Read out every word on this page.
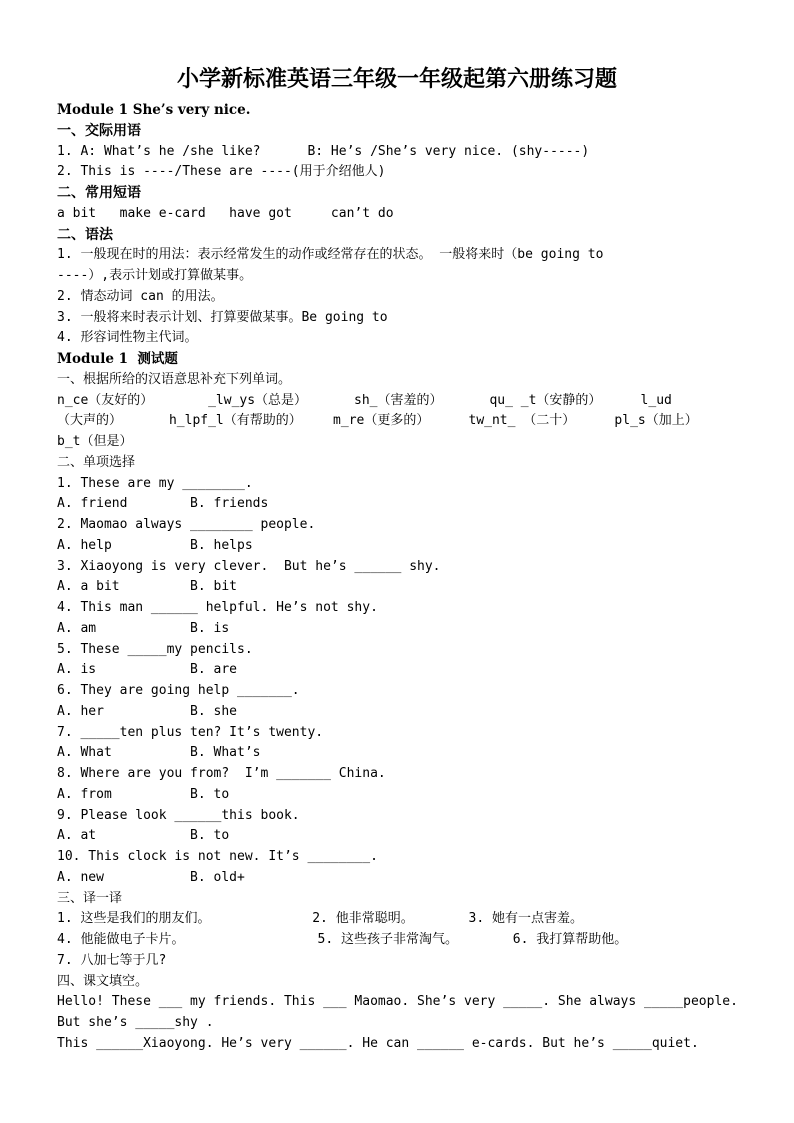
小学新标准英语三年级一年级起第六册练习题
Module 1 She’s very nice.
一、交际用语
1. A: What’s he /she like?      B: He’s /She’s very nice. (shy-----)
2. This is ----/These are ----(用于介绍他人)
二、常用短语
a bit   make e-card   have got     can’t do
二、语法
1. 一般现在时的用法：表示经常发生的动作或经常存在的状态。 一般将来时（be going to
----）,表示计划或打算做某事。
2. 情态动词 can 的用法。
3. 一般将来时表示计划、打算要做某事。Be going to
4. 形容词性物主代词。
Module 1  测试题
一、根据所给的汉语意思补充下列单词。
n_ce（友好的）       _lw_ys（总是）      sh_（害羞的）      qu_ _t（安静的）     l_ud
（大声的）      h_lpf_l（有帮助的）    m_re（更多的）     tw_nt_ （二十）     pl_s（加上）
b_t（但是）
二、单项选择
1. These are my ________.
A. friend        B. friends
2. Maomao always ________ people.
A. help          B. helps
3. Xiaoyong is very clever.  But he’s ______ shy.
A. a bit         B. bit
4. This man ______ helpful. He’s not shy.
A. am            B. is
5. These _____my pencils.
A. is            B. are
6. They are going help _______.
A. her           B. she
7. _____ten plus ten? It’s twenty.
A. What          B. What’s
8. Where are you from?  I’m _______ China.
A. from          B. to
9. Please look ______this book.
A. at            B. to
10. This clock is not new. It’s ________.
A. new           B. old+
三、译一译
1. 这些是我们的朋友们。             2. 他非常聪明。       3. 她有一点害羞。
4. 他能做电子卡片。                 5. 这些孩子非常淘气。       6. 我打算帮助他。
7. 八加七等于几?
四、课文填空。
Hello! These ___ my friends. This ___ Maomao. She’s very _____. She always _____people.
But she’s _____shy .
This ______Xiaoyong. He’s very ______. He can ______ e-cards. But he’s _____quiet.
